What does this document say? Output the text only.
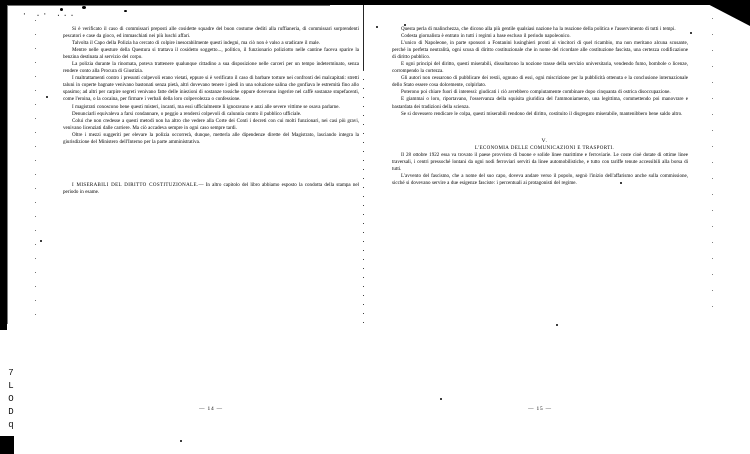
· .· ...
7
L
O
D
q

Si è verificato il caso di commissari preposti alle cosidette squadre del buon costume dediti alla ruffianeria, di commissari sorprendenti pescatori e case da gioco, ed immaschiati nei più luschi affari.

Talvolta il Capo della Polizia ha cercato di colpire inesorabilmente questi indegni, ma ciò non è valso a sradicare il male.

Mentre nelle questure della Questura si trattava il cosidetto soggetto..., politico, il funzionario poliziotto nelle cantine faceva sparire la benzina destinata al servizio del corpo.

La polizia durante la rinomata, poteva trattenere qualunque cittadino a sua disposizione nelle carceri per un tempo indeterminato, senza rendere conto alla Procura di Giustizia.

I maltrattamenti contro i presunti colpevoli erano vietati, eppure si è verificato il caso di barbare torture nei confronti dei malcapitati: stretti taluni in coperte bagnate venivano bastonati senza pietà, altri dovevano tenere i piedi in una soluzione salina che gonfiava le estremità fino allo spasimo; ad altri per carpire segreti venivano fatte delle iniezioni di sostanze tossiche oppure dovevano ingerire nel caffè sostanze stupefacenti, come l'eroina, o la cocaina, per firmare i verbali della loro colpevolezza o confessione.

I magistrati conoscono bene questi misteri, incanti, ma essi ufficialmente li ignoravano e anzi alle severe vittime se osava parlarne.

Denunciarli equivaleva a farsi condannare, o peggio a rendersi colpevoli di calunnia contro il pubblico ufficiale.

Colui che non credesse a questi metodi non ha altro che vedere alla Corte dei Conti i decreti con cui molti funzionari, nei casi più gravi, venivano licenziati dalle carriere. Ma ciò accadeva sempre in ogni caso sempre tardi.

Oltre i mezzi suggeriti per elevare la polizia occorrerà, dunque, metterla alle dipendenze dirette del Magistrato, lasciando integra la giurisdizione del Ministero dell'Interno per la parte amministrativa.

I MISERABILI DEL DIRITTO COSTITUZIONALE.— In altro capitolo del libro abbiamo esposto la condotta della stampa nel periodo in esame.

— 14 —

Questa perla di malinchezza, che dicono alla più gentile qualsiasi nazione ha la reazione della politica e l'asservimento di tutti i tempi.

Codesta giornalista è entrato in tutti i regimi a base escluso il periodo napoleonico.

L'unico di Napoleone, in parte sponsori a Fontanini lusinghieri pronti ai vincitori di quel ricambio, ma non meritano alcuna scusante, perché in perfetta neutralità, ogni scusa di diritto costituzionale che in nome del ricordare alle costituzione fascista, una certezza codificazione di diritto pubblico.

E ogni principi del diritto, questi miserabili, dissoltarono la nozione trasse della servizio universitaria, vendendo fumo, bombole o licenze, corrompendo la cortezza.

Gli autori non cessarono di pubblicare dei restii, ognuno di essi, ogni miscrizione per la pubblicità ottenuta e la conclusione internazionale dello Stato essere cosa dolcemente, colpirlato.

Poterono poi chiare fuori di interessi: giudicati i ciò avrebbero compiutamente combinare dopo cinquanta di ostrica disoccupazione.

E giammai o loro, riportavano, l'osservanza della squisita giuridica del l'ammoniamento, una legittima, commettendo poi manovrare e bastardata dei tradizioni della scienza.

Se si dovessero rendicare le colpa, questi miserabili rendono del diritto, costituito il disgregato miserabile, mantenibbero bene saldo altro.

V.

L'ECONOMIA DELLE COMUNICAZIONI E TRASPORTI.

Il 28 ottobre 1922 essa va trovato il paese provvisto di buone e solide linee marittime e ferroviarie. Le coste cioè dotate di ottime linee traversali, i centri pressoché lontani da ogni nodi ferroviari serviti da linee automobilistiche, e tutto con tariffe tenute accessibili alla borsa di tutti.

L'avvento del fascismo, che a nome del suo capo, doveva andare verso il popolo, segnò l'inizio dell'affarismo anche sulla commissione, sicché si dovevano servire a due esigenze fasciste: i percentuali ai protagonisti del regime.

— 15 —
